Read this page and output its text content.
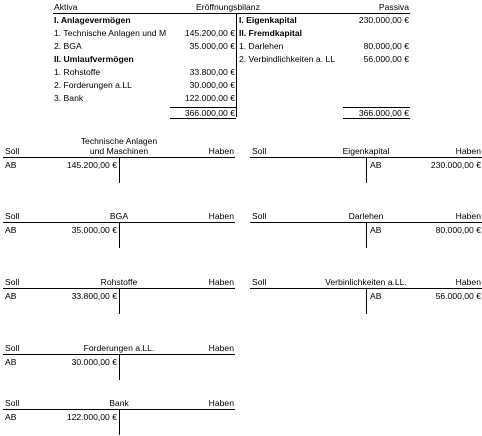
Aktiva	Eröffnungsbilanz	Passiva
I. Anlagevermögen
1. Technische Anlagen und M	145.200,00 €
2. BGA	35.000,00 €
II. Umlaufvermögen
1. Rohstoffe	33.800,00 €
2. Forderungen a.LL	30.000,00 €
3. Bank	122.000,00 €
I. Eigenkapital	230.000,00 €
II. Fremdkapital
1. Darlehen	80.000,00 €
2. Verbindlichkeiten a. LL	56.000,00 €
366.000,00 €	366.000,00 €
Technische Anlagen
und Maschinen
Soll	Haben
AB	145.200,00 €
Eigenkapital
Soll	Haben
AB	230.000,00 €
BGA
Soll	Haben
AB	35.000,00 €
Darlehen
Soll	Haben
AB	80.000,00 €
Rohstoffe
Soll	Haben
AB	33.800,00 €
Verbinlichkeiten a.LL.
Soll	Haben
AB	56.000,00 €
Forderungen a.LL.
Soll	Haben
AB	30.000,00 €
Bank
Soll	Haben
AB	122.000,00 €
